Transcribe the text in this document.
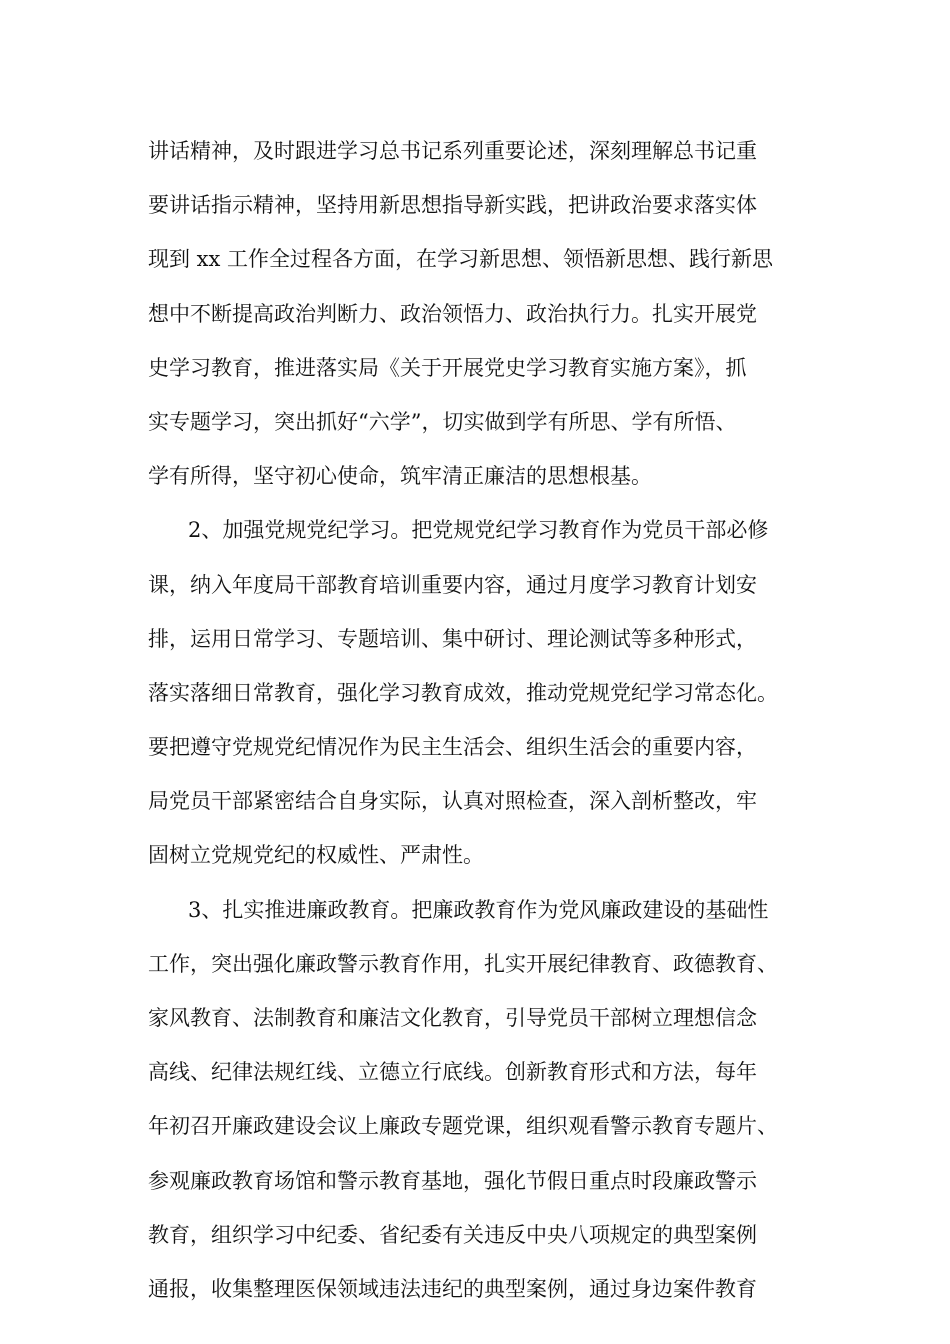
讲话精神，及时跟进学习总书记系列重要论述，深刻理解总书记重
要讲话指示精神，坚持用新思想指导新实践，把讲政治要求落实体
现到 xx 工作全过程各方面，在学习新思想、领悟新思想、践行新思
想中不断提高政治判断力、政治领悟力、政治执行力。扎实开展党
史学习教育，推进落实局《关于开展党史学习教育实施方案》，抓
实专题学习，突出抓好“六学”，切实做到学有所思、学有所悟、
学有所得，坚守初心使命，筑牢清正廉洁的思想根基。
2、加强党规党纪学习。把党规党纪学习教育作为党员干部必修
课，纳入年度局干部教育培训重要内容，通过月度学习教育计划安
排，运用日常学习、专题培训、集中研讨、理论测试等多种形式，
落实落细日常教育，强化学习教育成效，推动党规党纪学习常态化。
要把遵守党规党纪情况作为民主生活会、组织生活会的重要内容，
局党员干部紧密结合自身实际，认真对照检查，深入剖析整改，牢
固树立党规党纪的权威性、严肃性。
3、扎实推进廉政教育。把廉政教育作为党风廉政建设的基础性
工作，突出强化廉政警示教育作用，扎实开展纪律教育、政德教育、
家风教育、法制教育和廉洁文化教育，引导党员干部树立理想信念
高线、纪律法规红线、立德立行底线。创新教育形式和方法，每年
年初召开廉政建设会议上廉政专题党课，组织观看警示教育专题片、
参观廉政教育场馆和警示教育基地，强化节假日重点时段廉政警示
教育，组织学习中纪委、省纪委有关违反中央八项规定的典型案例
通报，收集整理医保领域违法违纪的典型案例，通过身边案件教育
